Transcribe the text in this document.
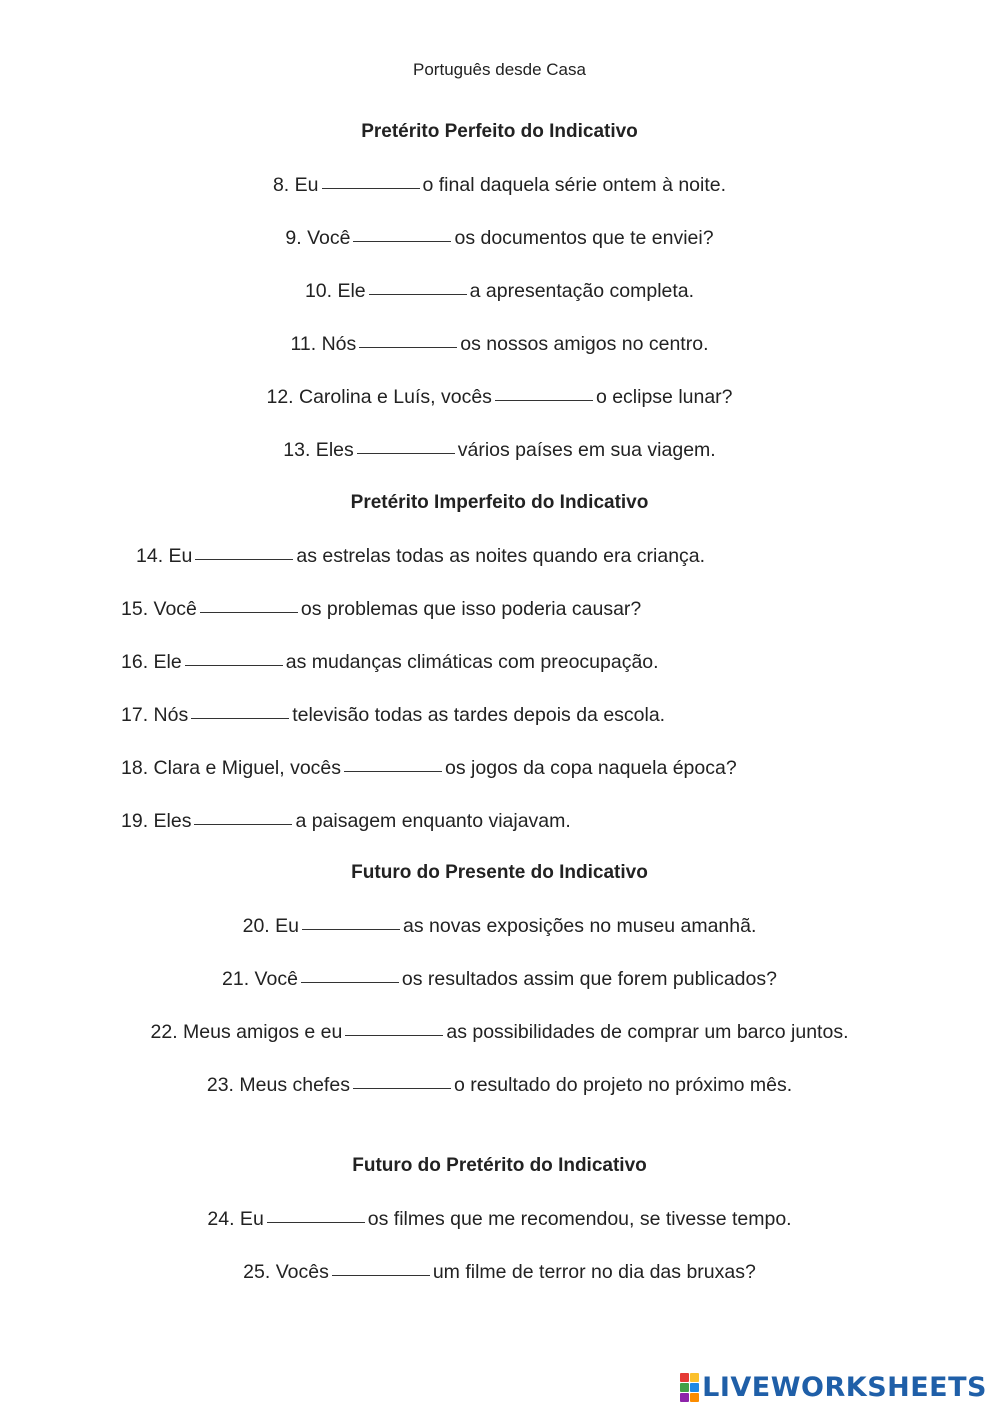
Português desde Casa
Pretérito Perfeito do Indicativo
8. Eu	o final daquela série ontem à noite.
9. Você	os documentos que te enviei?
10. Ele	a apresentação completa.
11. Nós	os nossos amigos no centro.
12. Carolina e Luís, vocês	o eclipse lunar?
13. Eles	vários países em sua viagem.
Pretérito Imperfeito do Indicativo
14. Eu	as estrelas todas as noites quando era criança.
15. Você	os problemas que isso poderia causar?
16. Ele	as mudanças climáticas com preocupação.
17. Nós	televisão todas as tardes depois da escola.
18. Clara e Miguel, vocês	os jogos da copa naquela época?
19. Eles	a paisagem enquanto viajavam.
Futuro do Presente do Indicativo
20. Eu	as novas exposições no museu amanhã.
21. Você	os resultados assim que forem publicados?
22. Meus amigos e eu	as possibilidades de comprar um barco juntos.
23. Meus chefes	o resultado do projeto no próximo mês.
Futuro do Pretérito do Indicativo
24. Eu	os filmes que me recomendou, se tivesse tempo.
25. Vocês	um filme de terror no dia das bruxas?
LIVEWORKSHEETS
